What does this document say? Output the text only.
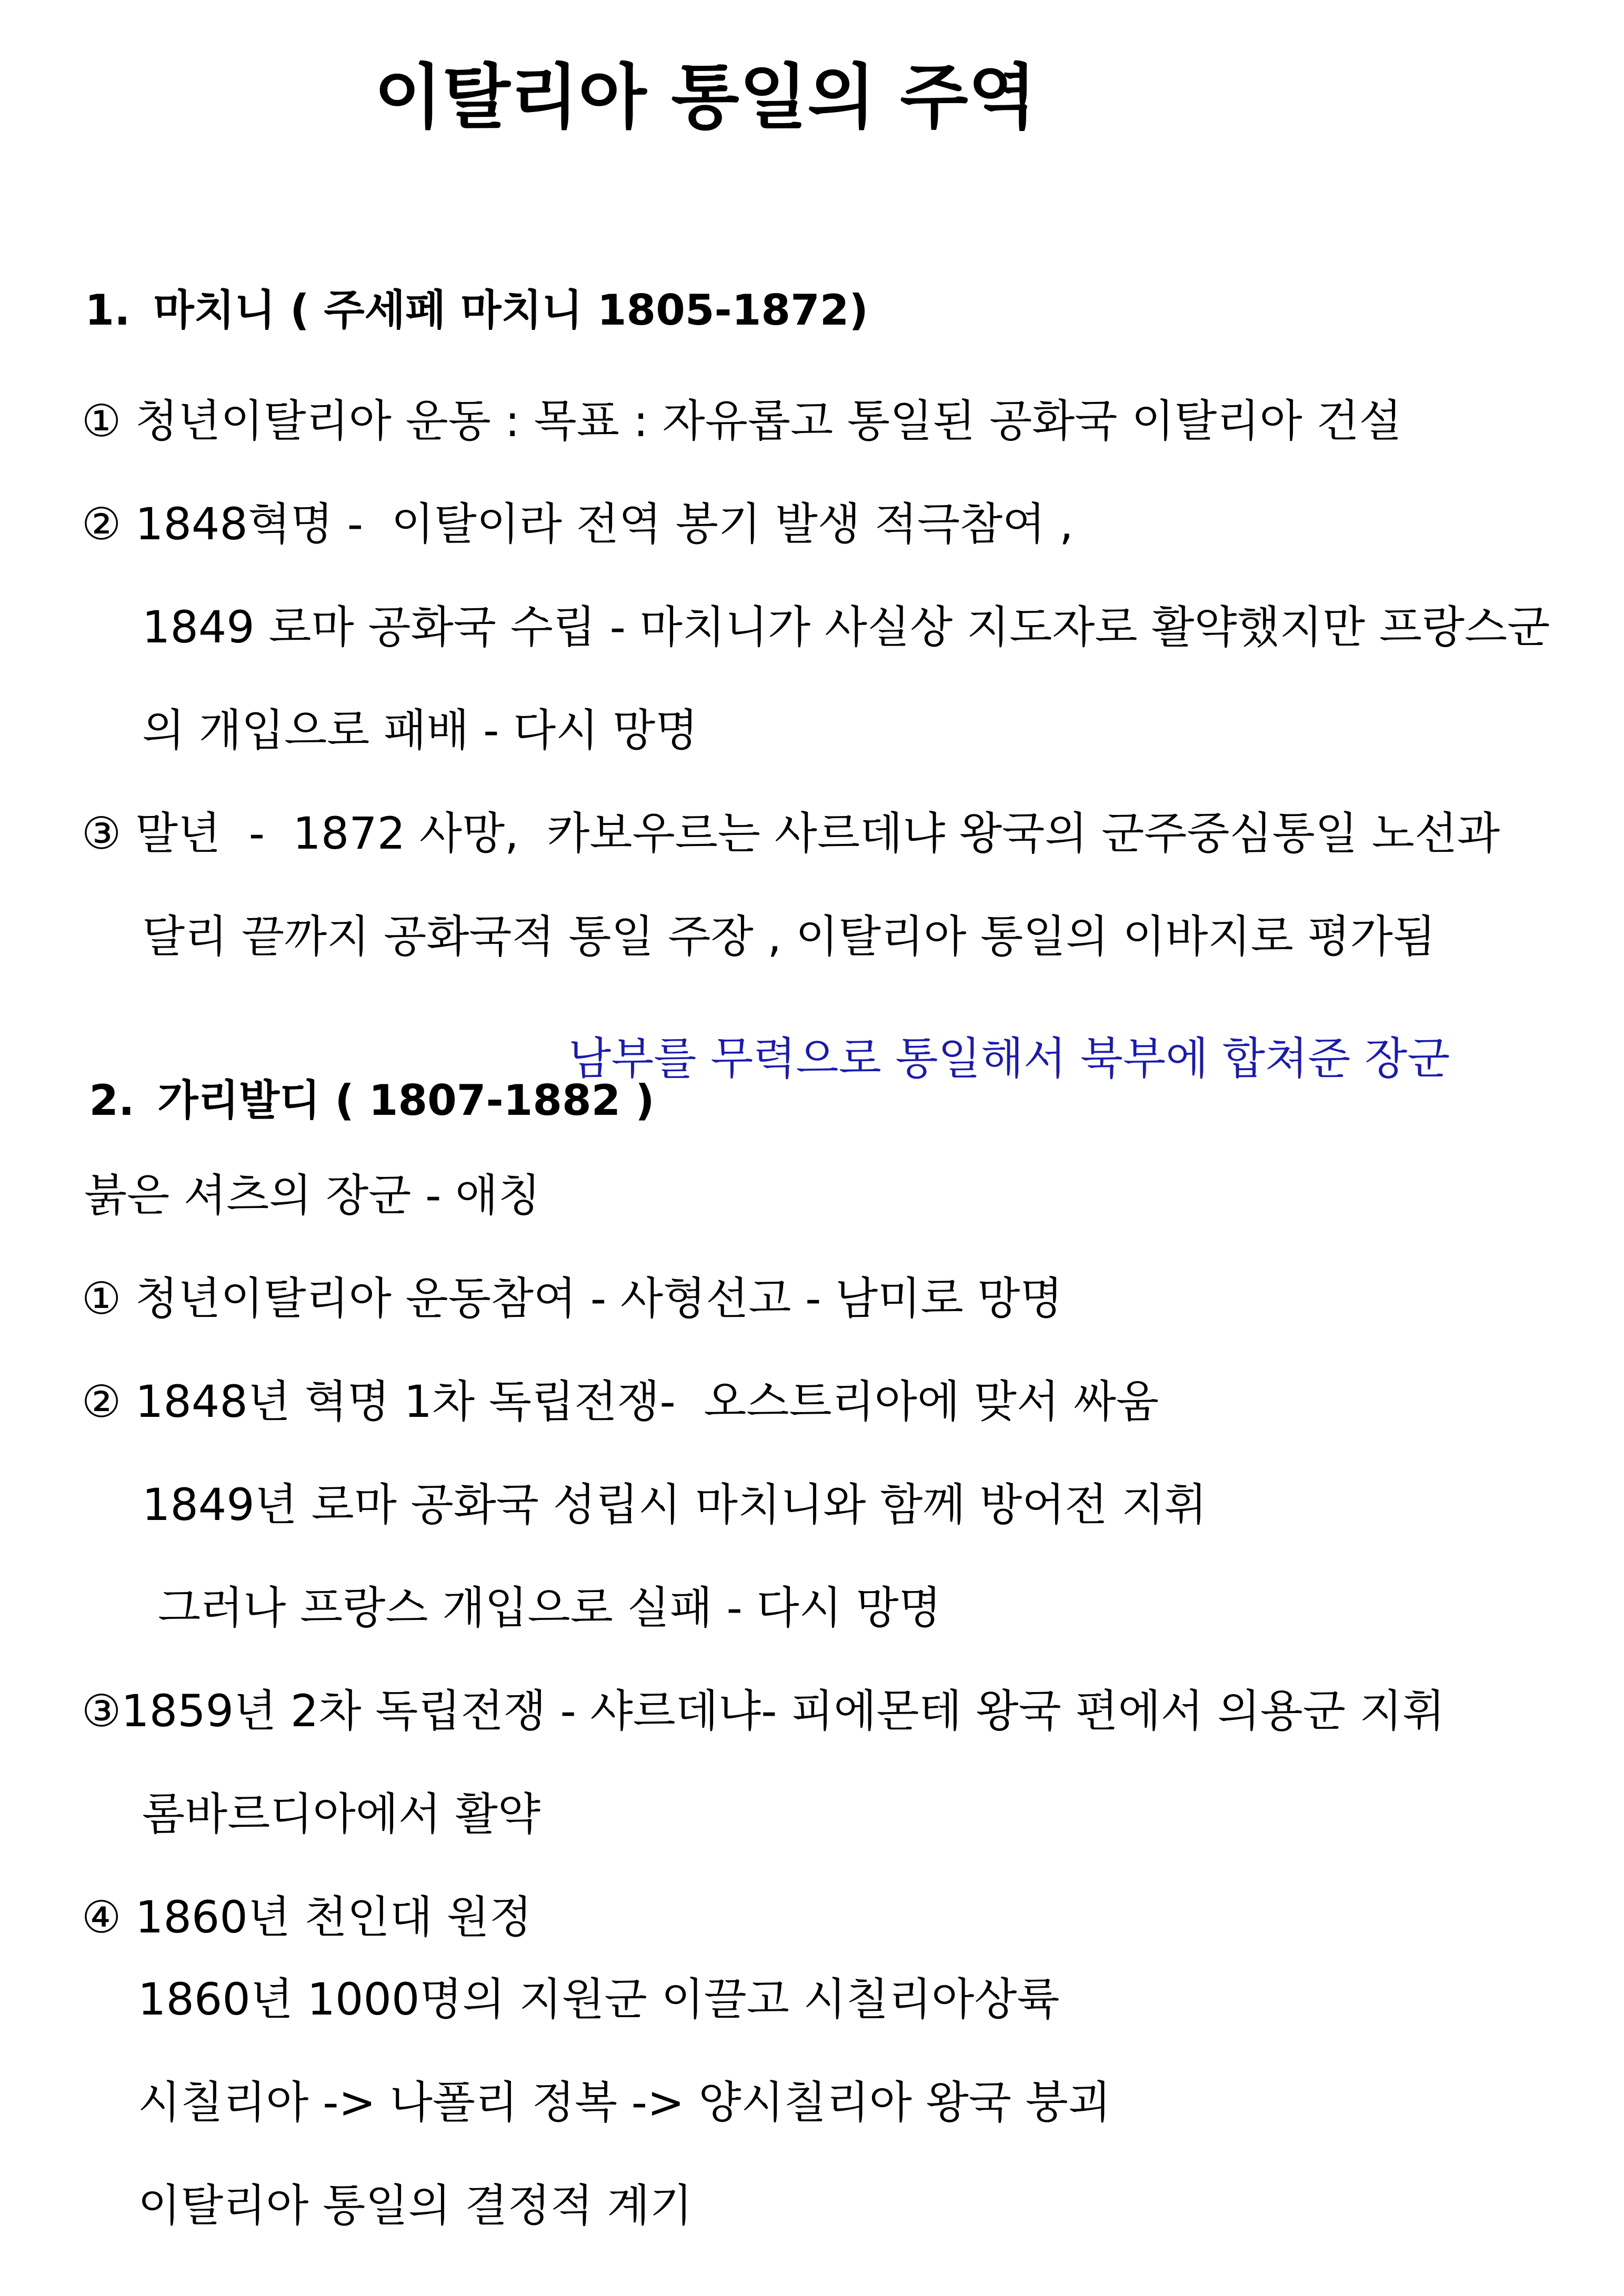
이탈리아 통일의 주역

1. 마치니 ( 주세페 마치니 1805-1872)

① 청년이탈리아 운동 : 목표 : 자유롭고 통일된 공화국 이탈리아 건설
② 1848혁명 -  이탈이라 전역 봉기 발생 적극참여 ,
1849 로마 공화국 수립 - 마치니가 사실상 지도자로 활약했지만 프랑스군
의 개입으로 패배 - 다시 망명
③ 말년  -  1872 사망,  카보우르는 사르데냐 왕국의 군주중심통일 노선과
달리 끝까지 공화국적 통일 주장 , 이탈리아 통일의 이바지로 평가됨

2. 가리발디 ( 1807-1882 )

남부를 무력으로 통일해서 북부에 합쳐준 장군
붉은 셔츠의 장군 - 애칭
① 청년이탈리아 운동참여 - 사형선고 - 남미로 망명
② 1848년 혁명 1차 독립전쟁-  오스트리아에 맞서 싸움
1849년 로마 공화국 성립시 마치니와 함께 방어전 지휘
그러나 프랑스 개입으로 실패 - 다시 망명
③1859년 2차 독립전쟁 - 샤르데냐- 피에몬테 왕국 편에서 의용군 지휘
롬바르디아에서 활약
④ 1860년 천인대 원정
1860년 1000명의 지원군 이끌고 시칠리아상륙
시칠리아 -> 나폴리 정복 -> 양시칠리아 왕국 붕괴
이탈리아 통일의 결정적 계기
